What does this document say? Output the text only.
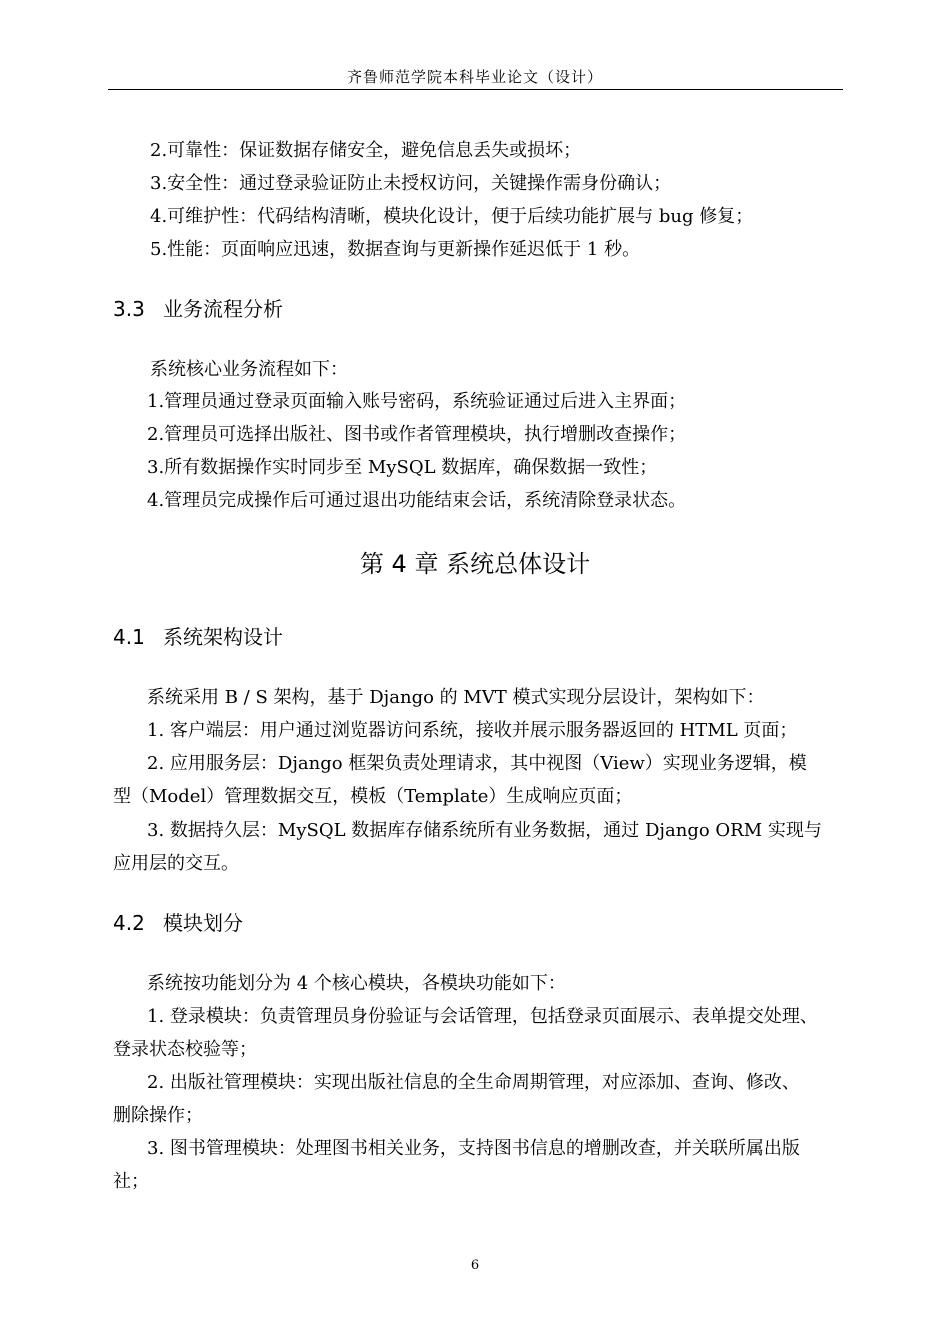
齐鲁师范学院本科毕业论文（设计）
2.可靠性：保证数据存储安全，避免信息丢失或损坏；
3.安全性：通过登录验证防止未授权访问，关键操作需身份确认；
4.可维护性：代码结构清晰，模块化设计，便于后续功能扩展与 bug 修复；
5.性能：页面响应迅速，数据查询与更新操作延迟低于 1 秒。
3.3 业务流程分析
系统核心业务流程如下：
1.管理员通过登录页面输入账号密码，系统验证通过后进入主界面；
2.管理员可选择出版社、图书或作者管理模块，执行增删改查操作；
3.所有数据操作实时同步至 MySQL 数据库，确保数据一致性；
4.管理员完成操作后可通过退出功能结束会话，系统清除登录状态。
第 4 章 系统总体设计
4.1 系统架构设计
系统采用 B / S 架构，基于 Django 的 MVT 模式实现分层设计，架构如下：
1. 客户端层：用户通过浏览器访问系统，接收并展示服务器返回的 HTML 页面；
2. 应用服务层：Django 框架负责处理请求，其中视图（View）实现业务逻辑，模
型（Model）管理数据交互，模板（Template）生成响应页面；
3. 数据持久层：MySQL 数据库存储系统所有业务数据，通过 Django ORM 实现与
应用层的交互。
4.2 模块划分
系统按功能划分为 4 个核心模块，各模块功能如下：
1. 登录模块：负责管理员身份验证与会话管理，包括登录页面展示、表单提交处理、
登录状态校验等；
2. 出版社管理模块：实现出版社信息的全生命周期管理，对应添加、查询、修改、
删除操作；
3. 图书管理模块：处理图书相关业务，支持图书信息的增删改查，并关联所属出版
社；
6
